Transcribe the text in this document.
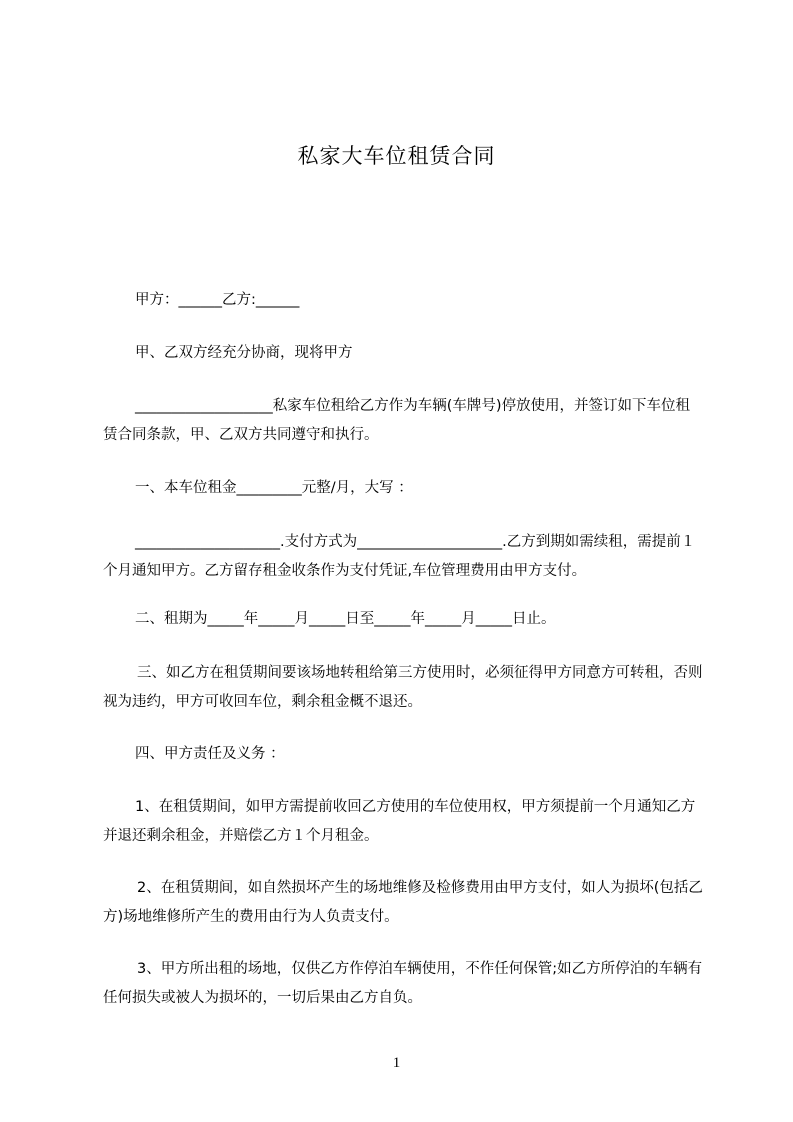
私家大车位租赁合同

甲方：______乙方:______

甲、乙双方经充分协商，现将甲方

___________________私家车位租给乙方作为车辆(车牌号)停放使用，并签订如下车位租赁合同条款，甲、乙双方共同遵守和执行。

一、本车位租金_________元整/月，大写 ：

____________________.支付方式为____________________.乙方到期如需续租，需提前１个月通知甲方。乙方留存租金收条作为支付凭证,车位管理费用由甲方支付。

二、租期为_____年_____月_____日至_____年_____月_____日止。

三、如乙方在租赁期间要该场地转租给第三方使用时，必须征得甲方同意方可转租，否则视为违约，甲方可收回车位，剩余租金概不退还。

四、甲方责任及义务 ：

1、在租赁期间，如甲方需提前收回乙方使用的车位使用权，甲方须提前一个月通知乙方并退还剩余租金，并赔偿乙方１个月租金。

2、在租赁期间，如自然损坏产生的场地维修及检修费用由甲方支付，如人为损坏(包括乙方)场地维修所产生的费用由行为人负责支付。

3、甲方所出租的场地，仅供乙方作停泊车辆使用，不作任何保管;如乙方所停泊的车辆有任何损失或被人为损坏的，一切后果由乙方自负。

1
